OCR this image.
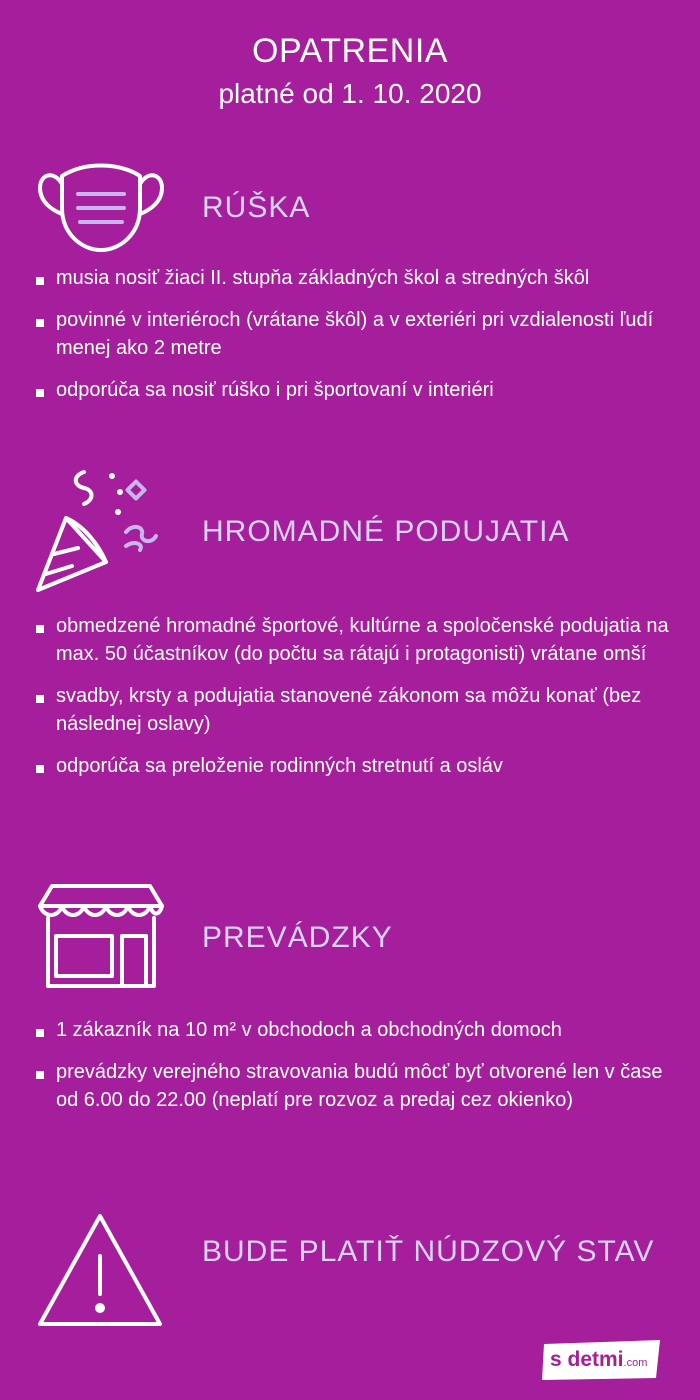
OPATRENIA
platné od 1. 10. 2020
RÚŠKA
musia nosiť žiaci II. stupňa základných škol a stredných škôl
povinné v interiéroch (vrátane škôl) a v exteriéri pri vzdialenosti ľudí menej ako 2 metre
odporúča sa nosiť rúško i pri športovaní v interiéri
HROMADNÉ PODUJATIA
obmedzené hromadné športové, kultúrne a spoločenské podujatia na max. 50 účastníkov (do počtu sa rátajú i protagonisti) vrátane omší
svadby, krsty a podujatia stanovené zákonom sa môžu konať (bez následnej oslavy)
odporúča sa preloženie rodinných stretnutí a osláv
PREVÁDZKY
1 zákazník na 10 m² v obchodoch a obchodných domoch
prevádzky verejného stravovania budú môcť byť otvorené len v čase od 6.00 do 22.00 (neplatí pre rozvoz a predaj cez okienko)
BUDE PLATIŤ NÚDZOVÝ STAV
s detmi.com
